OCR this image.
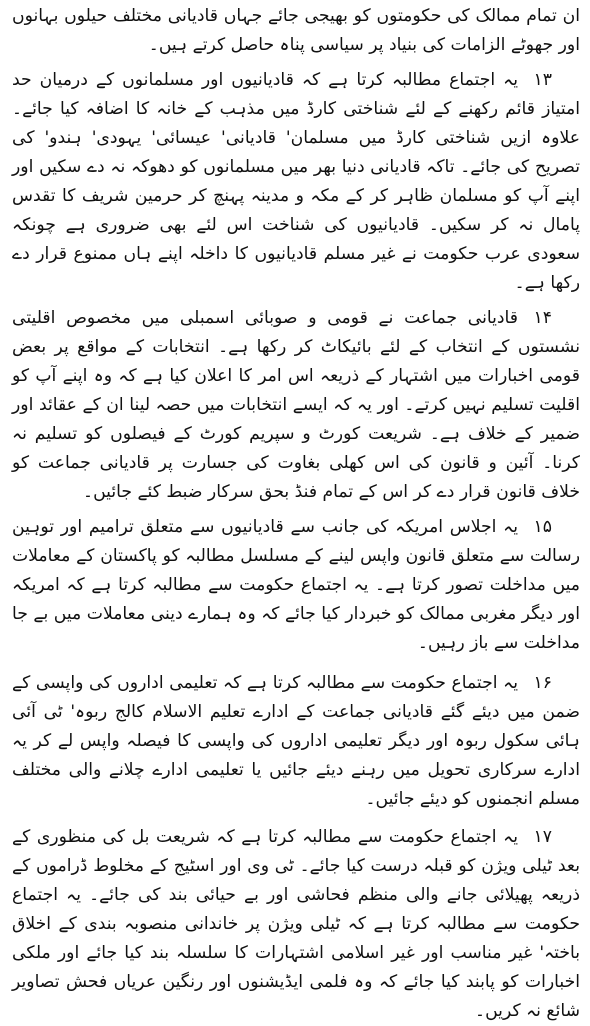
ان تمام ممالک کی حکومتوں کو بھیجی جائے جہاں قادیانی مختلف حیلوں بہانوں اور جھوٹے الزامات کی بنیاد پر سیاسی پناہ حاصل کرتے ہیں۔

۱۳یہ اجتماع مطالبہ کرتا ہے کہ قادیانیوں اور مسلمانوں کے درمیان حد امتیاز قائم رکھنے کے لئے شناختی کارڈ میں مذہب کے خانہ کا اضافہ کیا جائے۔ علاوہ ازیں شناختی کارڈ میں مسلمان' قادیانی' عیسائی' یہودی' ہندو' کی تصریح کی جائے۔ تاکہ قادیانی دنیا بھر میں مسلمانوں کو دھوکہ نہ دے سکیں اور اپنے آپ کو مسلمان ظاہر کر کے مکہ و مدینہ پہنچ کر حرمین شریف کا تقدس پامال نہ کر سکیں۔ قادیانیوں کی شناخت اس لئے بھی ضروری ہے چونکہ سعودی عرب حکومت نے غیر مسلم قادیانیوں کا داخلہ اپنے ہاں ممنوع قرار دے رکھا ہے۔

۱۴قادیانی جماعت نے قومی و صوبائی اسمبلی میں مخصوص اقلیتی نشستوں کے انتخاب کے لئے بائیکاٹ کر رکھا ہے۔ انتخابات کے مواقع پر بعض قومی اخبارات میں اشتہار کے ذریعہ اس امر کا اعلان کیا ہے کہ وہ اپنے آپ کو اقلیت تسلیم نہیں کرتے۔ اور یہ کہ ایسے انتخابات میں حصہ لینا ان کے عقائد اور ضمیر کے خلاف ہے۔ شریعت کورٹ و سپریم کورٹ کے فیصلوں کو تسلیم نہ کرنا۔ آئین و قانون کی اس کھلی بغاوت کی جسارت پر قادیانی جماعت کو خلاف قانون قرار دے کر اس کے تمام فنڈ بحق سرکار ضبط کئے جائیں۔

۱۵یہ اجلاس امریکہ کی جانب سے قادیانیوں سے متعلق ترامیم اور توہین رسالت سے متعلق قانون واپس لینے کے مسلسل مطالبہ کو پاکستان کے معاملات میں مداخلت تصور کرتا ہے۔ یہ اجتماع حکومت سے مطالبہ کرتا ہے کہ امریکہ اور دیگر مغربی ممالک کو خبردار کیا جائے کہ وہ ہمارے دینی معاملات میں بے جا مداخلت سے باز رہیں۔

۱۶یہ اجتماع حکومت سے مطالبہ کرتا ہے کہ تعلیمی اداروں کی واپسی کے ضمن میں دیئے گئے قادیانی جماعت کے ادارے تعلیم الاسلام کالج ربوہ' ٹی آئی ہائی سکول ربوہ اور دیگر تعلیمی اداروں کی واپسی کا فیصلہ واپس لے کر یہ ادارے سرکاری تحویل میں رہنے دیئے جائیں یا تعلیمی ادارے چلانے والی مختلف مسلم انجمنوں کو دیئے جائیں۔

۱۷یہ اجتماع حکومت سے مطالبہ کرتا ہے کہ شریعت بل کی منظوری کے بعد ٹیلی ویژن کو قبلہ درست کیا جائے۔ ٹی وی اور اسٹیج کے مخلوط ڈراموں کے ذریعہ پھیلائی جانے والی منظم فحاشی اور بے حیائی بند کی جائے۔ یہ اجتماع حکومت سے مطالبہ کرتا ہے کہ ٹیلی ویژن پر خاندانی منصوبہ بندی کے اخلاق باختہ' غیر مناسب اور غیر اسلامی اشتہارات کا سلسلہ بند کیا جائے اور ملکی اخبارات کو پابند کیا جائے کہ وہ فلمی ایڈیشنوں اور رنگین عریاں فحش تصاویر شائع نہ کریں۔
